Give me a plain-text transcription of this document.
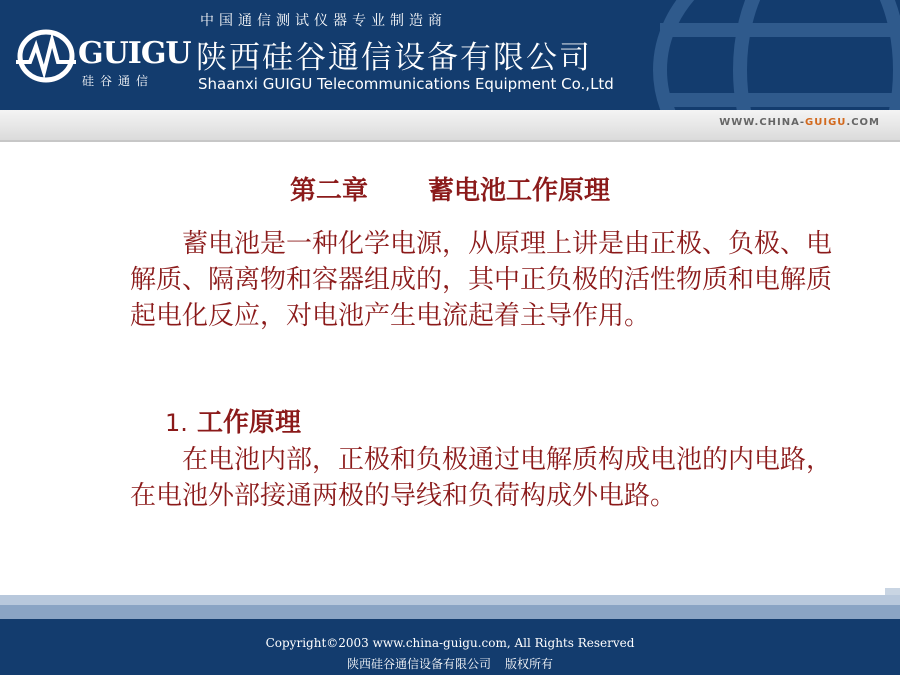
GUIGU
硅谷通信
中国通信测试仪器专业制造商
陕西硅谷通信设备有限公司
Shaanxi GUIGU Telecommunications Equipment Co.,Ltd
WWW.CHINA-GUIGU.COM
第二章 蓄电池工作原理

蓄电池是一种化学电源，从原理上讲是由正极、负极、电解质、隔离物和容器组成的，其中正负极的活性物质和电解质起电化反应，对电池产生电流起着主导作用。

1. 工作原理

在电池内部，正极和负极通过电解质构成电池的内电路，在电池外部接通两极的导线和负荷构成外电路。

Copyright©2003 www.china-guigu.com, All Rights Reserved
陕西硅谷通信设备有限公司 版权所有
